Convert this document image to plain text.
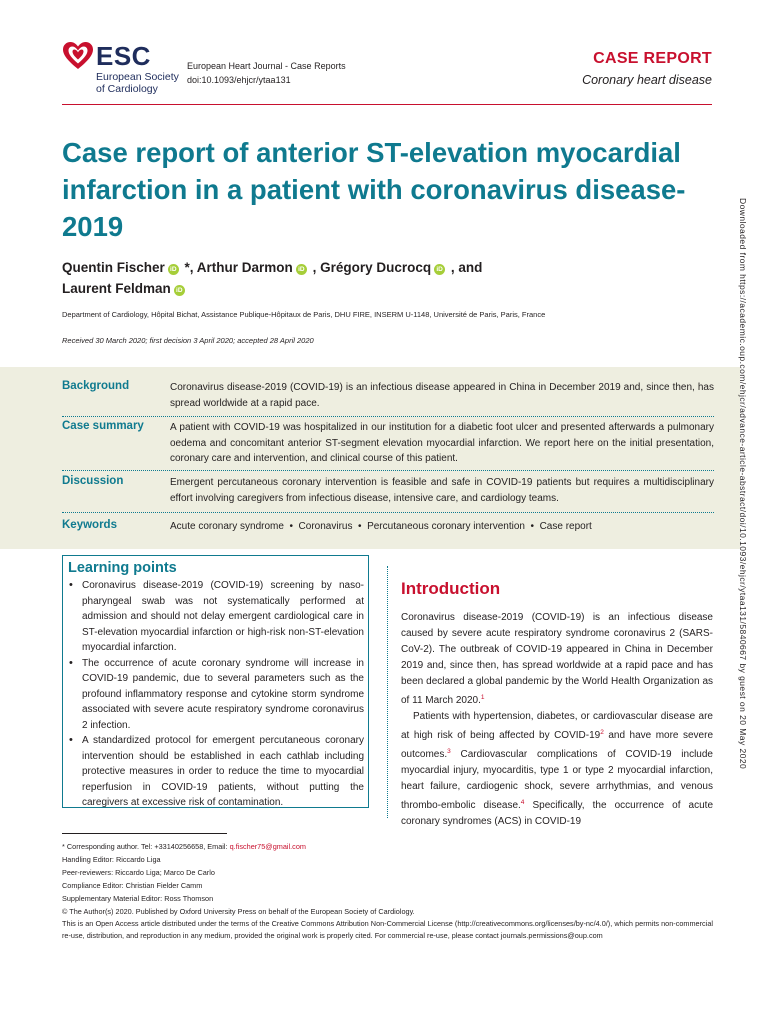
ESC
European Society
of Cardiology
European Heart Journal - Case Reports
doi:10.1093/ehjcr/ytaa131
CASE REPORT
Coronary heart disease
Case report of anterior ST-elevation myocardial infarction in a patient with coronavirus disease-2019
Quentin Fischer iD *, Arthur Darmon iD , Grégory Ducrocq iD , and
Laurent Feldman iD
Department of Cardiology, Hôpital Bichat, Assistance Publique-Hôpitaux de Paris, DHU FIRE, INSERM U-1148, Université de Paris, Paris, France
Received 30 March 2020; first decision 3 April 2020; accepted 28 April 2020
Background	Coronavirus disease-2019 (COVID-19) is an infectious disease appeared in China in December 2019 and, since then, has spread worldwide at a rapid pace.
Case summary	A patient with COVID-19 was hospitalized in our institution for a diabetic foot ulcer and presented afterwards a pulmonary oedema and concomitant anterior ST-segment elevation myocardial infarction. We report here on the initial presentation, coronary care and intervention, and clinical course of this patient.
Discussion	Emergent percutaneous coronary intervention is feasible and safe in COVID-19 patients but requires a multidisciplinary effort involving caregivers from infectious disease, intensive care, and cardiology teams.
Keywords	Acute coronary syndrome  •  Coronavirus  •  Percutaneous coronary intervention  •  Case report
Learning points
• Coronavirus disease-2019 (COVID-19) screening by naso-pharyngeal swab was not systematically performed at admission and should not delay emergent cardiological care in ST-elevation myocardial infarction or high-risk non-ST-elevation myocardial infarction.
• The occurrence of acute coronary syndrome will increase in COVID-19 pandemic, due to several parameters such as the profound inflammatory response and cytokine storm syndrome associated with severe acute respiratory syndrome coronavirus 2 infection.
• A standardized protocol for emergent percutaneous coronary intervention should be established in each cathlab including protective measures in order to reduce the time to myocardial reperfusion in COVID-19 patients, without putting the caregivers at excessive risk of contamination.
Introduction

Coronavirus disease-2019 (COVID-19) is an infectious disease caused by severe acute respiratory syndrome coronavirus 2 (SARS-CoV-2). The outbreak of COVID-19 appeared in China in December 2019 and, since then, has spread worldwide at a rapid pace and has been declared a global pandemic by the World Health Organization as of 11 March 2020.$^1$

Patients with hypertension, diabetes, or cardiovascular disease are at high risk of being affected by COVID-$19^2$ and have more severe outcomes.$^3$ Cardiovascular complications of COVID-19 include myocardial injury, myocarditis, type 1 or type 2 myocardial infarction, heart failure, cardiogenic shock, severe arrhythmias, and venous thrombo-embolic disease.$^4$ Specifically, the occurrence of acute coronary syndromes (ACS) in COVID-19

* Corresponding author. Tel: +33140256658, Email: q.fischer75@gmail.com
Handling Editor: Riccardo Liga
Peer-reviewers: Riccardo Liga; Marco De Carlo
Compliance Editor: Christian Fielder Camm
Supplementary Material Editor: Ross Thomson
© The Author(s) 2020. Published by Oxford University Press on behalf of the European Society of Cardiology.
This is an Open Access article distributed under the terms of the Creative Commons Attribution Non-Commercial License (http://creativecommons.org/licenses/by-nc/4.0/), which permits non-commercial re-use, distribution, and reproduction in any medium, provided the original work is properly cited. For commercial re-use, please contact journals.permissions@oup.com
Downloaded from https://academic.oup.com/ehjcr/advance-article-abstract/doi/10.1093/ehjcr/ytaa131/5840667 by guest on 20 May 2020
